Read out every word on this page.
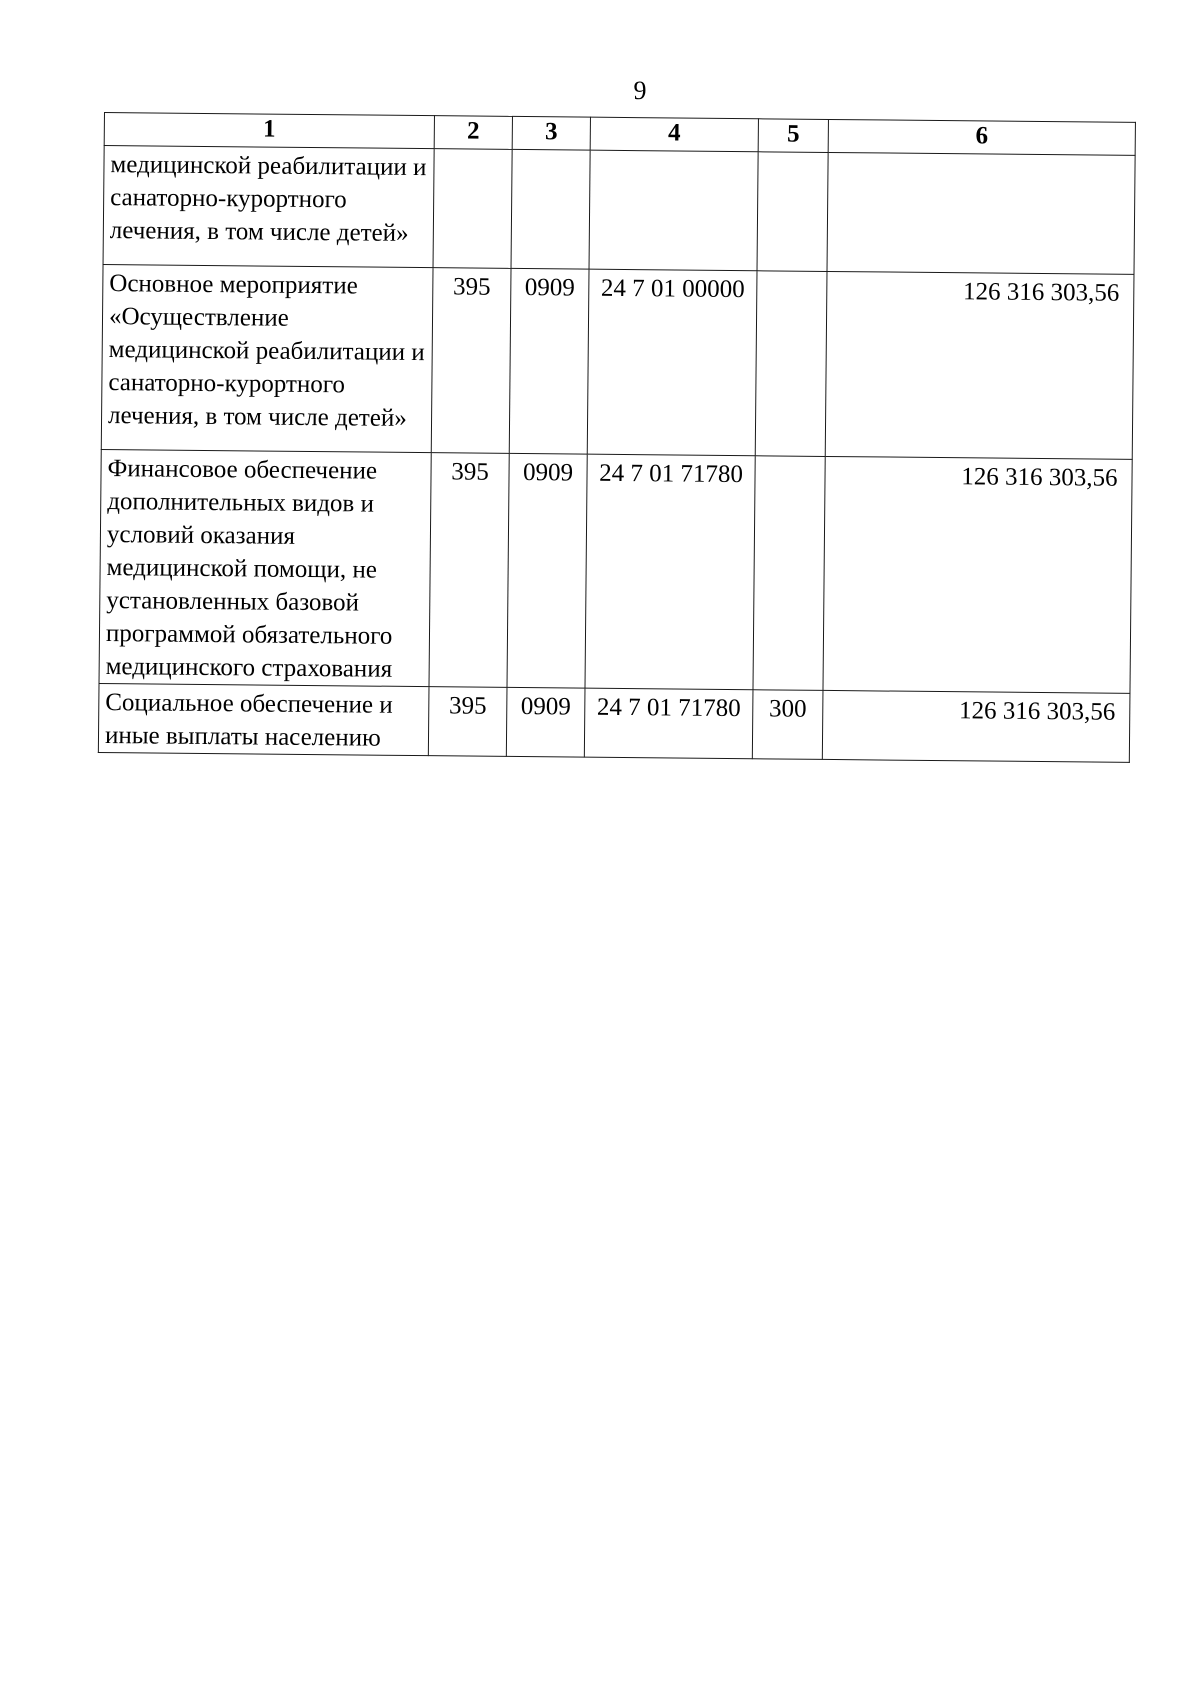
9
1	2	3	4	5	6
медицинской реабилитации и санаторно-курортного лечения, в том числе детей»					
Основное мероприятие «Осуществление медицинской реабилитации и санаторно-курортного лечения, в том числе детей»	395	0909	24 7 01 00000		126 316 303,56
Финансовое обеспечение дополнительных видов и условий оказания медицинской помощи, не установленных базовой программой обязательного медицинского страхования	395	0909	24 7 01 71780		126 316 303,56
Социальное обеспечение и иные выплаты населению	395	0909	24 7 01 71780	300	126 316 303,56
